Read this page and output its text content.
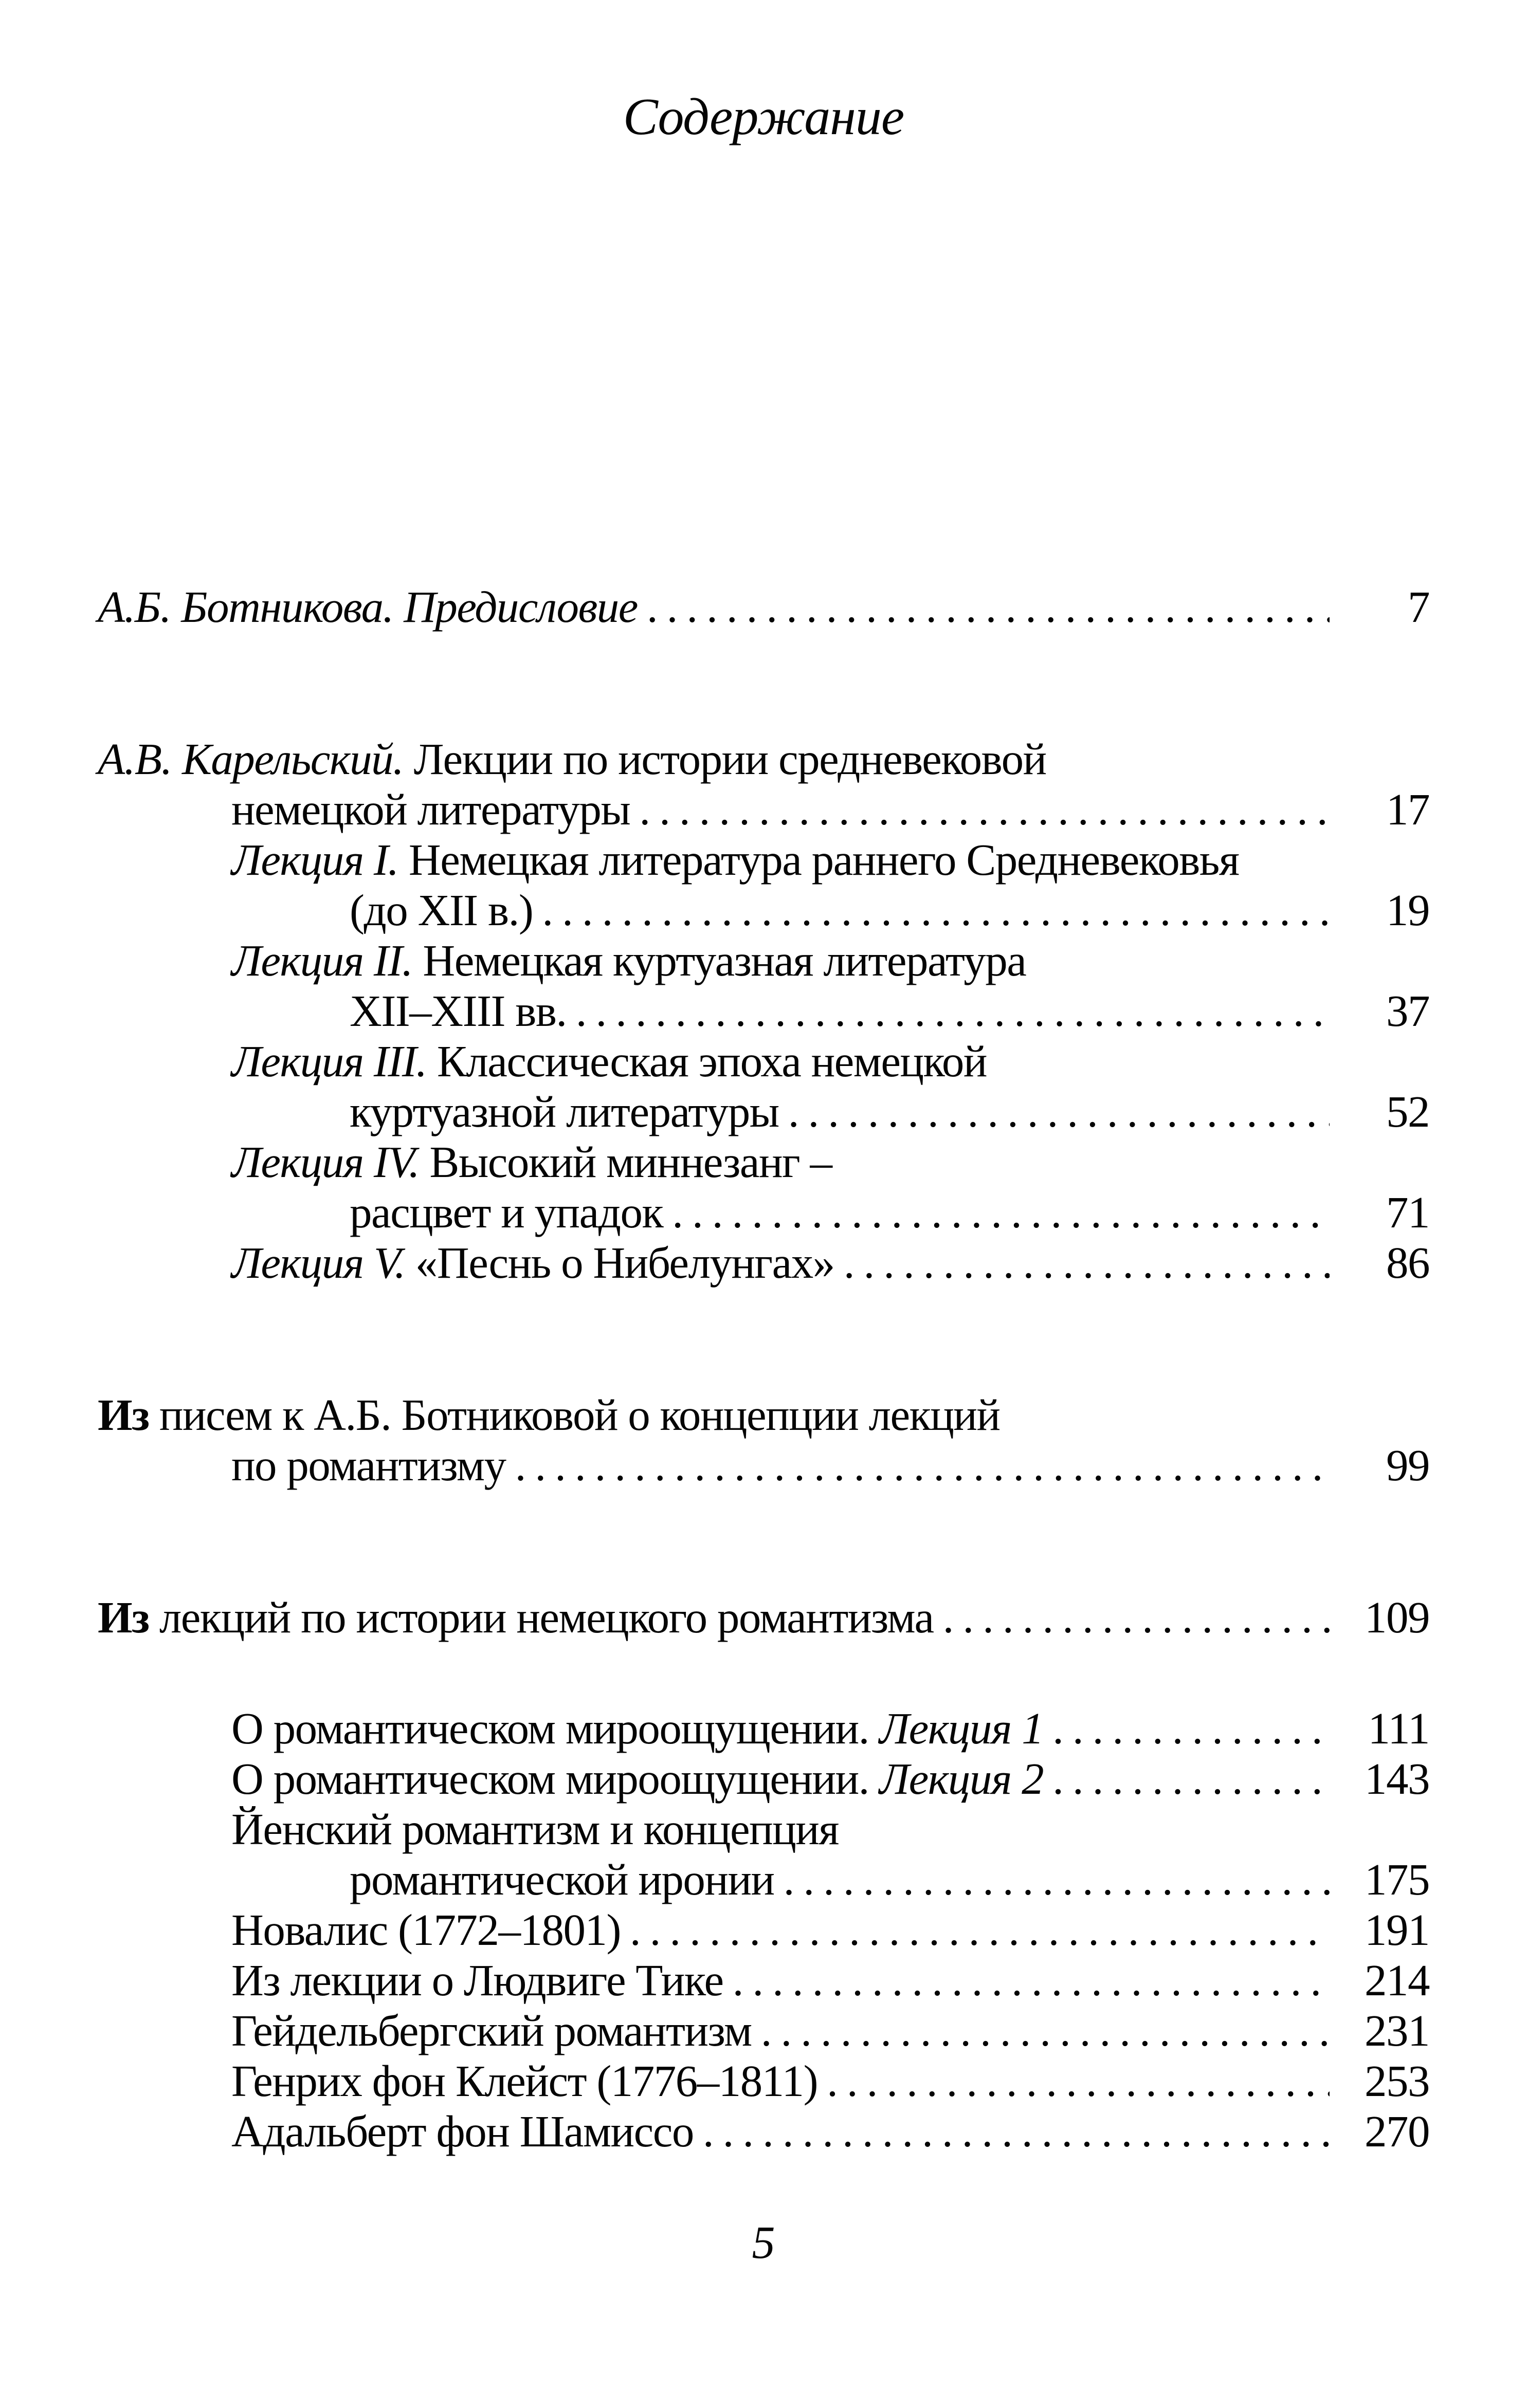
Содержание
А.Б. Ботникова. Предисловие .....	7
А.В. Карельский. Лекции по истории средневековой
немецкой литературы .....	17
Лекция I. Немецкая литература раннего Средневековья
(до XII в.) .....	19
Лекция II. Немецкая куртуазная литература
XII–XIII вв. .....	37
Лекция III. Классическая эпоха немецкой
куртуазной литературы .....	52
Лекция IV. Высокий миннезанг –
расцвет и упадок .....	71
Лекция V. «Песнь о Нибелунгах» .....	86
Из писем к А.Б. Ботниковой о концепции лекций
по романтизму .....	99
Из лекций по истории немецкого романтизма .....	109
О романтическом мироощущении. Лекция 1 .....	111
О романтическом мироощущении. Лекция 2 .....	143
Йенский романтизм и концепция
романтической иронии .....	175
Новалис (1772–1801) .....	191
Из лекции о Людвиге Тике .....	214
Гейдельбергский романтизм .....	231
Генрих фон Клейст (1776–1811) .....	253
Адальберт фон Шамиссо .....	270
5
